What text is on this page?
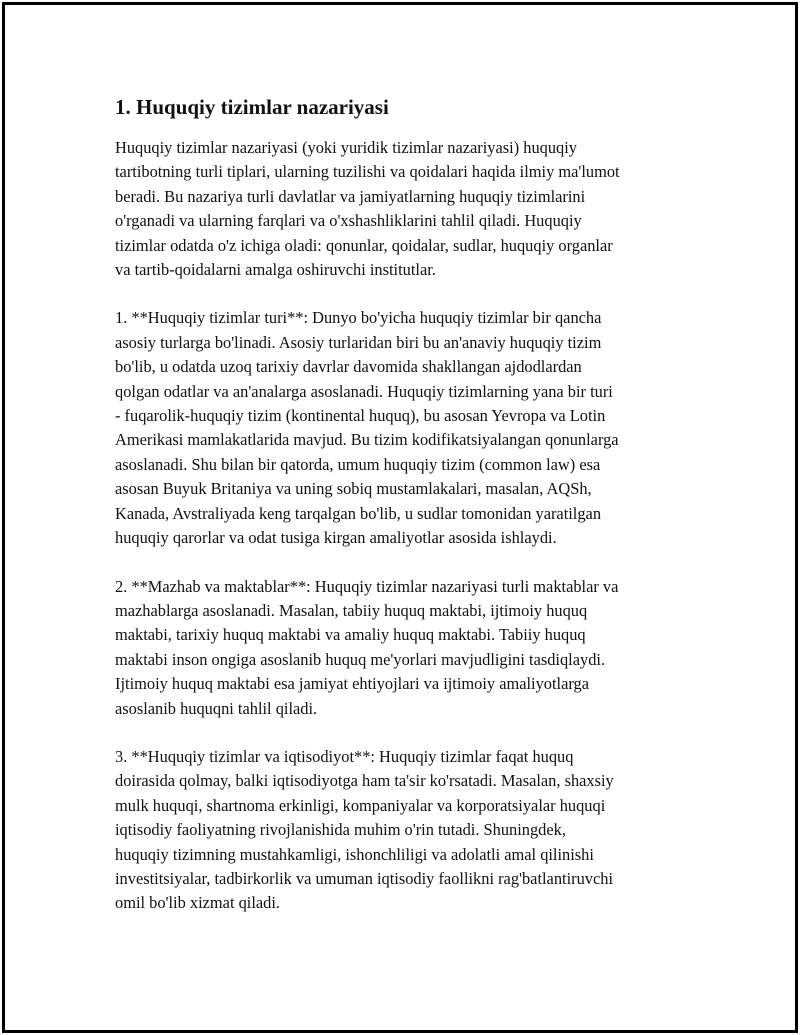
1. Huquqiy tizimlar nazariyasi

Huquqiy tizimlar nazariyasi (yoki yuridik tizimlar nazariyasi) huquqiy
tartibotning turli tiplari, ularning tuzilishi va qoidalari haqida ilmiy ma'lumot
beradi. Bu nazariya turli davlatlar va jamiyatlarning huquqiy tizimlarini
o'rganadi va ularning farqlari va o'xshashliklarini tahlil qiladi. Huquqiy
tizimlar odatda o'z ichiga oladi: qonunlar, qoidalar, sudlar, huquqiy organlar
va tartib-qoidalarni amalga oshiruvchi institutlar.

1. **Huquqiy tizimlar turi**: Dunyo bo'yicha huquqiy tizimlar bir qancha
asosiy turlarga bo'linadi. Asosiy turlaridan biri bu an'anaviy huquqiy tizim
bo'lib, u odatda uzoq tarixiy davrlar davomida shakllangan ajdodlardan
qolgan odatlar va an'analarga asoslanadi. Huquqiy tizimlarning yana bir turi
- fuqarolik-huquqiy tizim (kontinental huquq), bu asosan Yevropa va Lotin
Amerikasi mamlakatlarida mavjud. Bu tizim kodifikatsiyalangan qonunlarga
asoslanadi. Shu bilan bir qatorda, umum huquqiy tizim (common law) esa
asosan Buyuk Britaniya va uning sobiq mustamlakalari, masalan, AQSh,
Kanada, Avstraliyada keng tarqalgan bo'lib, u sudlar tomonidan yaratilgan
huquqiy qarorlar va odat tusiga kirgan amaliyotlar asosida ishlaydi.

2. **Mazhab va maktablar**: Huquqiy tizimlar nazariyasi turli maktablar va
mazhablarga asoslanadi. Masalan, tabiiy huquq maktabi, ijtimoiy huquq
maktabi, tarixiy huquq maktabi va amaliy huquq maktabi. Tabiiy huquq
maktabi inson ongiga asoslanib huquq me'yorlari mavjudligini tasdiqlaydi.
Ijtimoiy huquq maktabi esa jamiyat ehtiyojlari va ijtimoiy amaliyotlarga
asoslanib huquqni tahlil qiladi.

3. **Huquqiy tizimlar va iqtisodiyot**: Huquqiy tizimlar faqat huquq
doirasida qolmay, balki iqtisodiyotga ham ta'sir ko'rsatadi. Masalan, shaxsiy
mulk huquqi, shartnoma erkinligi, kompaniyalar va korporatsiyalar huquqi
iqtisodiy faoliyatning rivojlanishida muhim o'rin tutadi. Shuningdek,
huquqiy tizimning mustahkamligi, ishonchliligi va adolatli amal qilinishi
investitsiyalar, tadbirkorlik va umuman iqtisodiy faollikni rag'batlantiruvchi
omil bo'lib xizmat qiladi.
